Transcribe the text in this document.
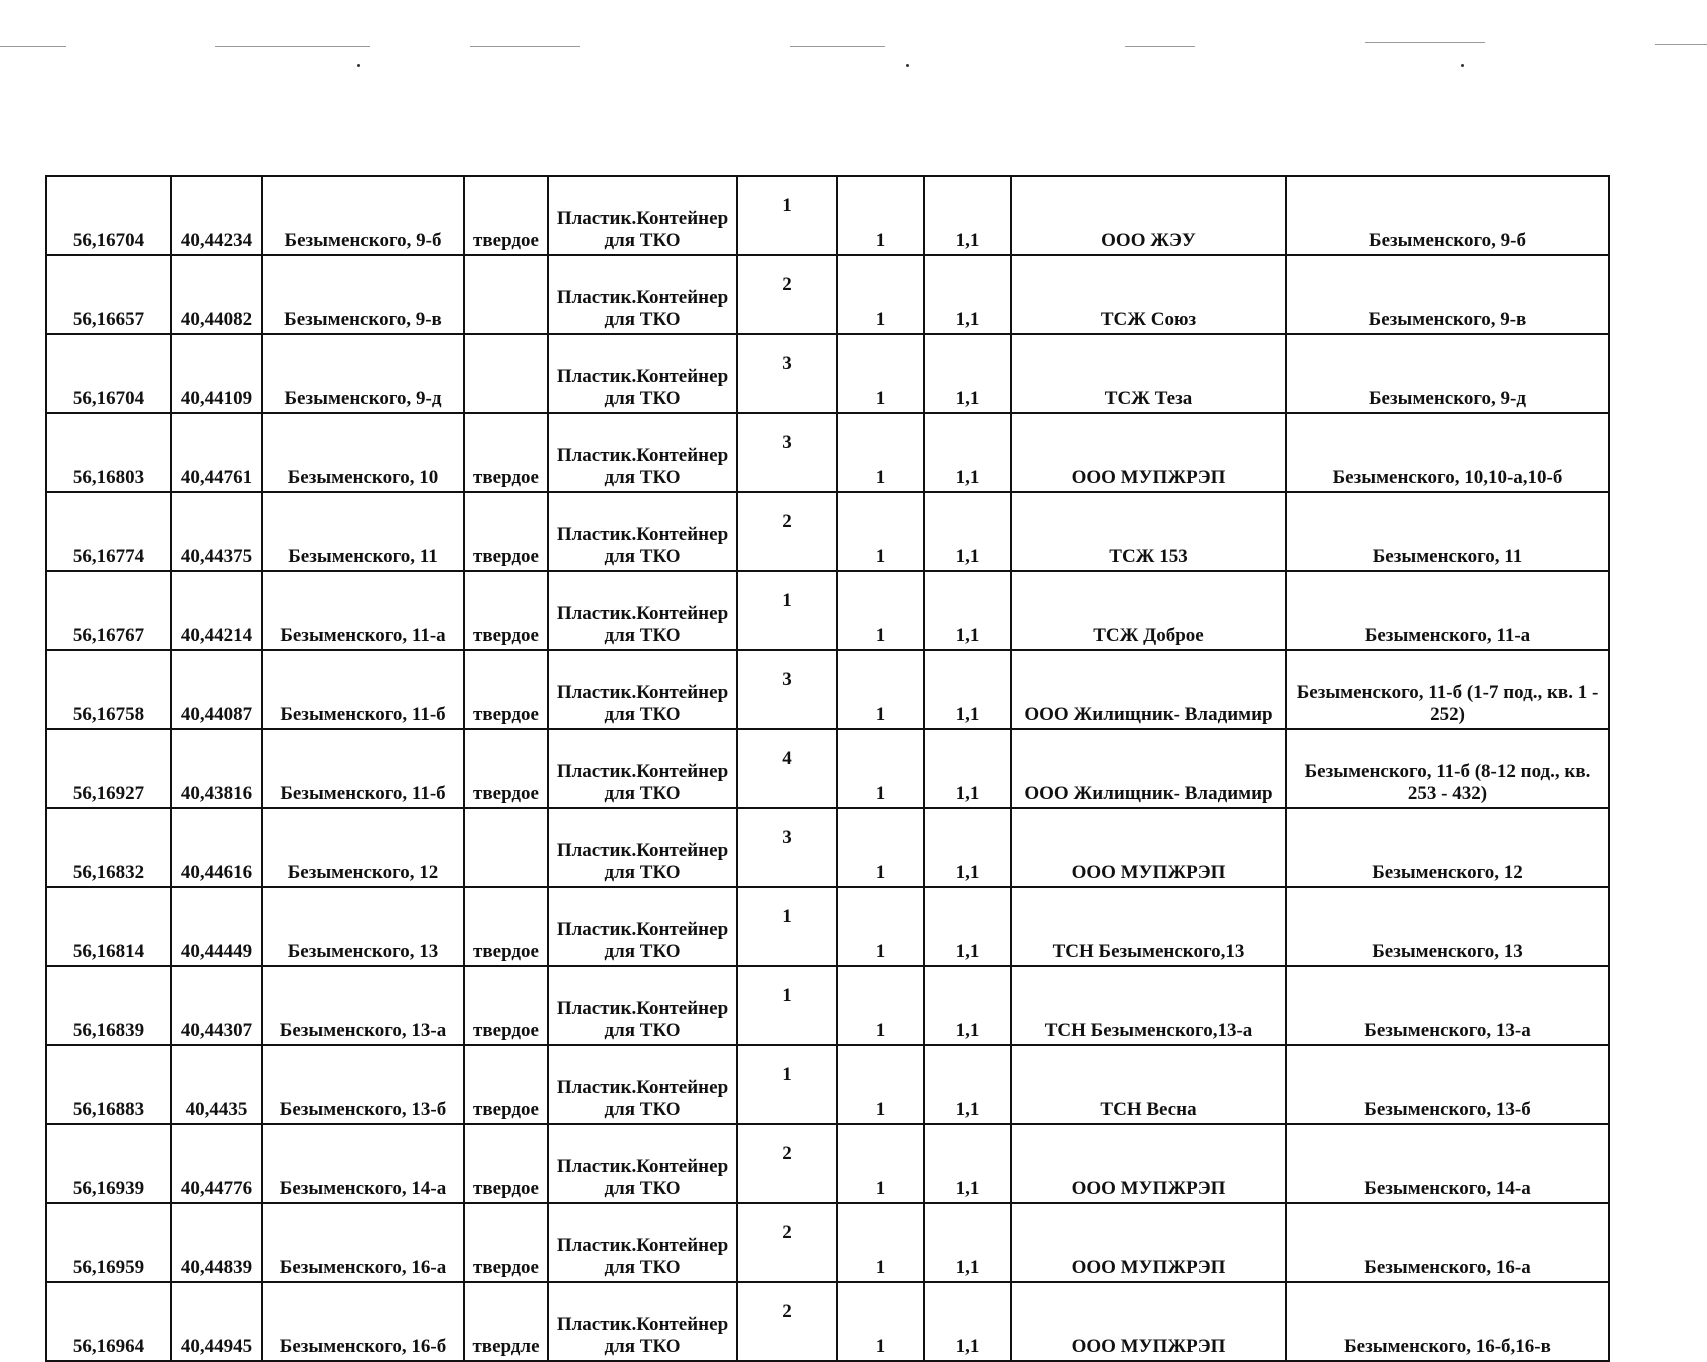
56,16704	40,44234	Безыменского, 9-б	твердое	Пластик.Контейнер для ТКО	1	1	1,1	ООО ЖЭУ	Безыменского, 9-б
56,16657	40,44082	Безыменского, 9-в		Пластик.Контейнер для ТКО	2	1	1,1	ТСЖ Союз	Безыменского, 9-в
56,16704	40,44109	Безыменского, 9-д		Пластик.Контейнер для ТКО	3	1	1,1	ТСЖ Теза	Безыменского, 9-д
56,16803	40,44761	Безыменского, 10	твердое	Пластик.Контейнер для ТКО	3	1	1,1	ООО МУПЖРЭП	Безыменского, 10,10-а,10-б
56,16774	40,44375	Безыменского, 11	твердое	Пластик.Контейнер для ТКО	2	1	1,1	ТСЖ 153	Безыменского, 11
56,16767	40,44214	Безыменского, 11-а	твердое	Пластик.Контейнер для ТКО	1	1	1,1	ТСЖ Доброе	Безыменского, 11-а
56,16758	40,44087	Безыменского, 11-б	твердое	Пластик.Контейнер для ТКО	3	1	1,1	ООО Жилищник- Владимир	Безыменского, 11-б (1-7 под., кв. 1 - 252)
56,16927	40,43816	Безыменского, 11-б	твердое	Пластик.Контейнер для ТКО	4	1	1,1	ООО Жилищник- Владимир	Безыменского, 11-б (8-12 под., кв. 253 - 432)
56,16832	40,44616	Безыменского, 12		Пластик.Контейнер для ТКО	3	1	1,1	ООО МУПЖРЭП	Безыменского, 12
56,16814	40,44449	Безыменского, 13	твердое	Пластик.Контейнер для ТКО	1	1	1,1	ТСН Безыменского,13	Безыменского, 13
56,16839	40,44307	Безыменского, 13-а	твердое	Пластик.Контейнер для ТКО	1	1	1,1	ТСН Безыменского,13-а	Безыменского, 13-а
56,16883	40,4435	Безыменского, 13-б	твердое	Пластик.Контейнер для ТКО	1	1	1,1	ТСН Весна	Безыменского, 13-б
56,16939	40,44776	Безыменского, 14-а	твердое	Пластик.Контейнер для ТКО	2	1	1,1	ООО МУПЖРЭП	Безыменского, 14-а
56,16959	40,44839	Безыменского, 16-а	твердое	Пластик.Контейнер для ТКО	2	1	1,1	ООО МУПЖРЭП	Безыменского, 16-а
56,16964	40,44945	Безыменского, 16-б	твердле	Пластик.Контейнер для ТКО	2	1	1,1	ООО МУПЖРЭП	Безыменского, 16-б,16-в
